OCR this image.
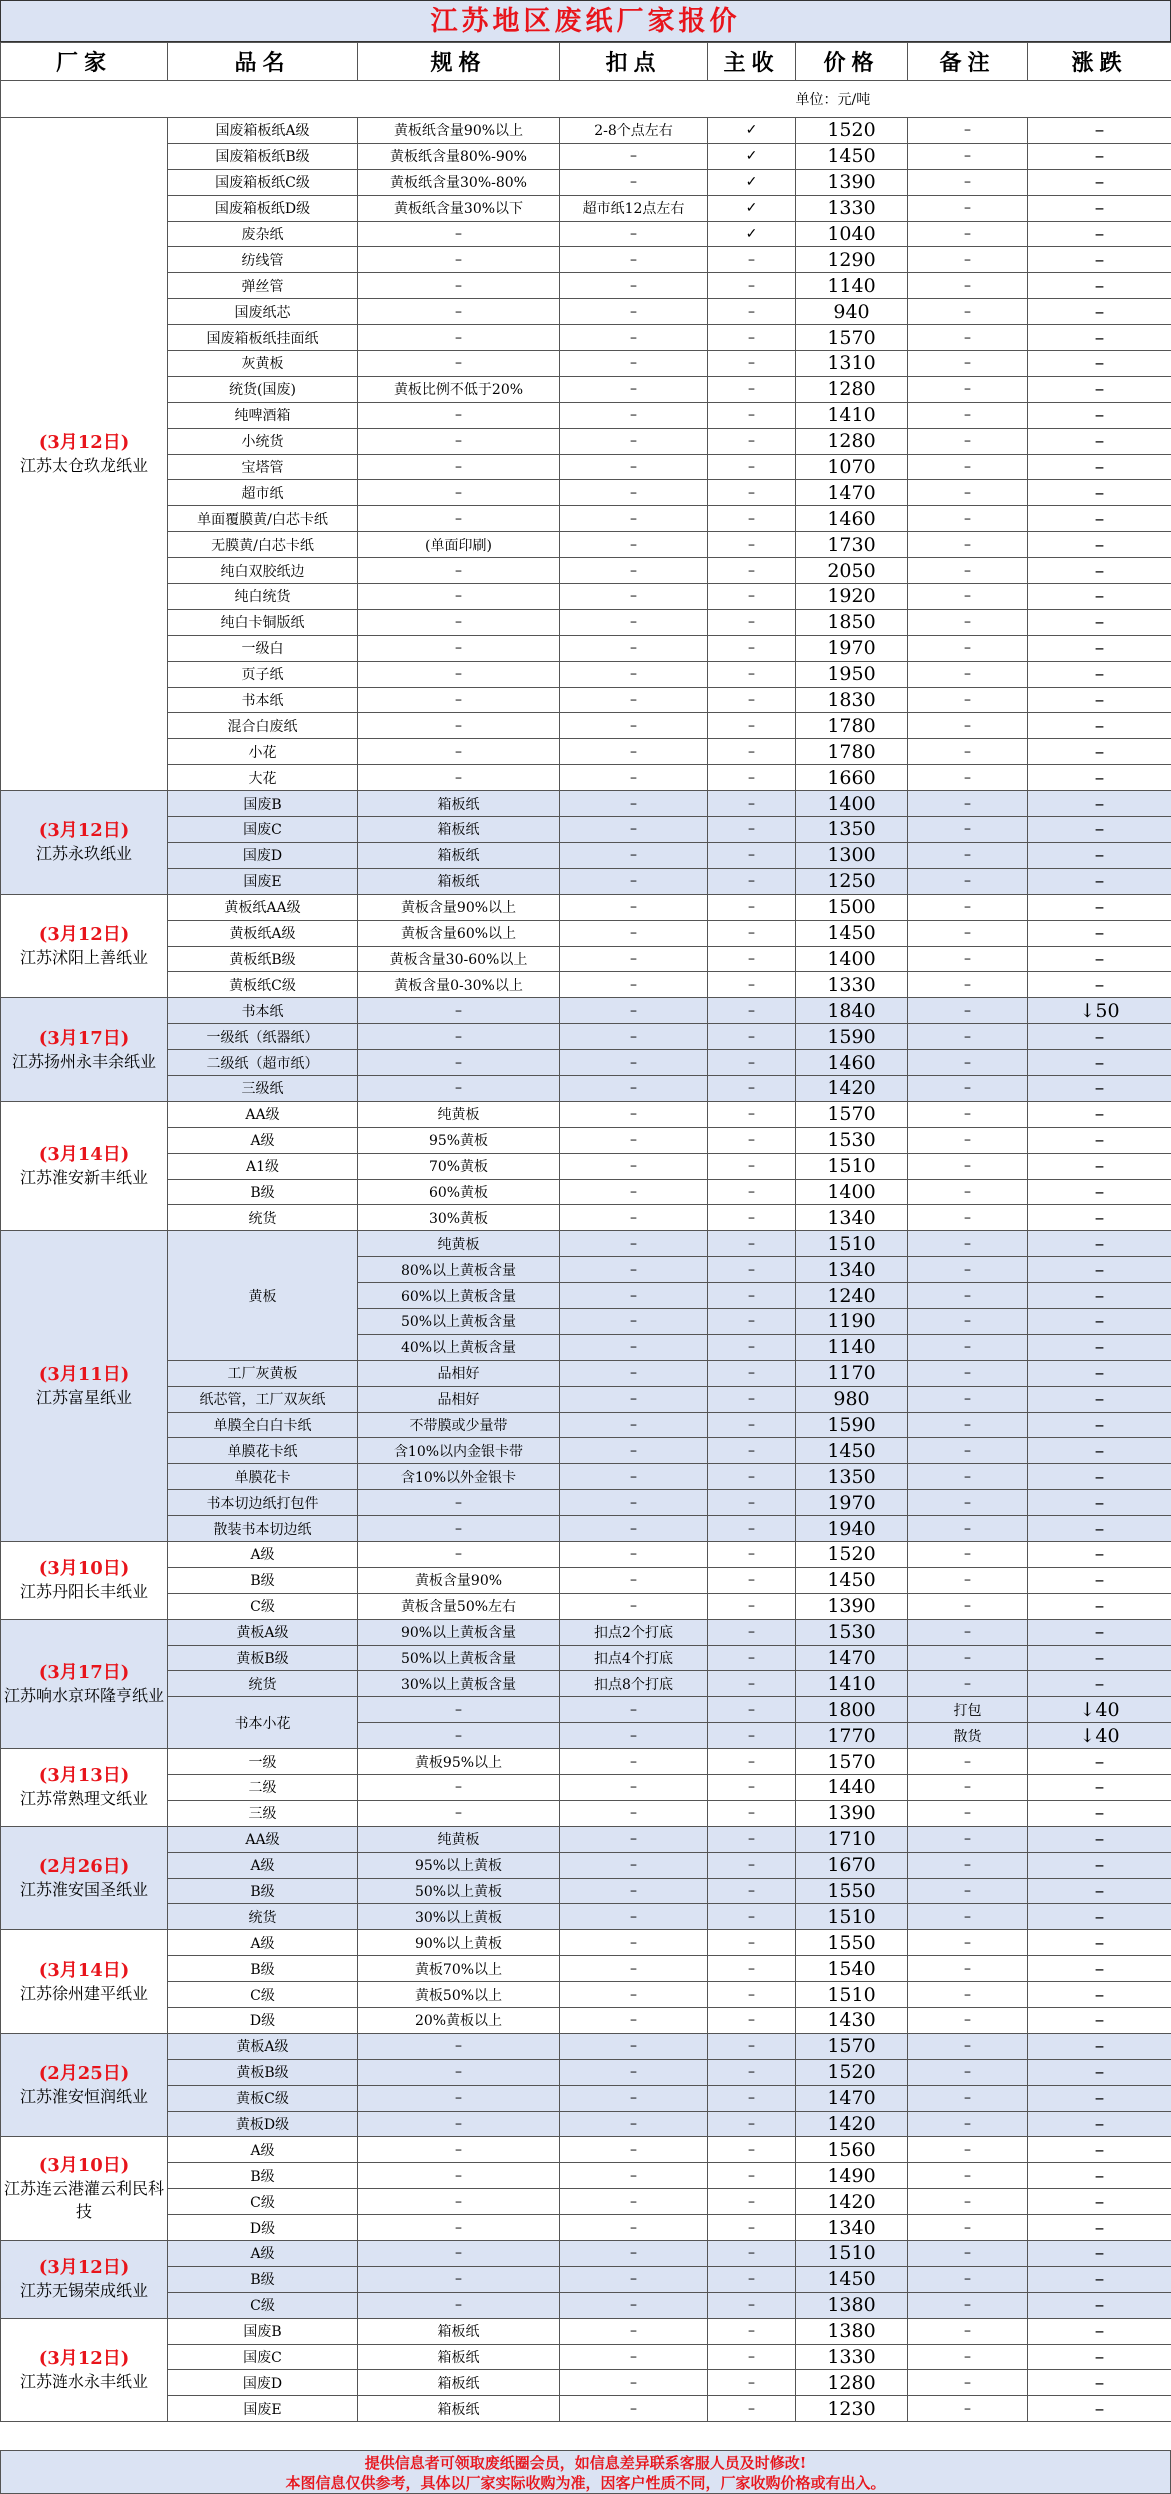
江苏地区废纸厂家报价
厂家	品名	规格	扣点	主收	价格	备注	涨跌
					单位：元/吨		

(3月12日)
江苏太仓玖龙纸业	国废箱板纸A级	黄板纸含量90%以上	2-8个点左右	✓	1520	–	–
	国废箱板纸B级	黄板纸含量80%-90%	–	✓	1450	–	–
	国废箱板纸C级	黄板纸含量30%-80%	–	✓	1390	–	–
	国废箱板纸D级	黄板纸含量30%以下	超市纸12点左右	✓	1330	–	–
	废杂纸	–	–	✓	1040	–	–
	纺线管	–	–	–	1290	–	–
	弹丝管	–	–	–	1140	–	–
	国废纸芯	–	–	–	940	–	–
	国废箱板纸挂面纸	–	–	–	1570	–	–
	灰黄板	–	–	–	1310	–	–
	统货(国废)	黄板比例不低于20%	–	–	1280	–	–
	纯啤酒箱	–	–	–	1410	–	–
	小统货	–	–	–	1280	–	–
	宝塔管	–	–	–	1070	–	–
	超市纸	–	–	–	1470	–	–
	单面覆膜黄/白芯卡纸	–	–	–	1460	–	–
	无膜黄/白芯卡纸	(单面印刷)	–	–	1730	–	–
	纯白双胶纸边	–	–	–	2050	–	–
	纯白统货	–	–	–	1920	–	–
	纯白卡铜版纸	–	–	–	1850	–	–
	一级白	–	–	–	1970	–	–
	页子纸	–	–	–	1950	–	–
	书本纸	–	–	–	1830	–	–
	混合白废纸	–	–	–	1780	–	–
	小花	–	–	–	1780	–	–
	大花	–	–	–	1660	–	–

(3月12日)
江苏永玖纸业	国废B	箱板纸	–	–	1400	–	–
	国废C	箱板纸	–	–	1350	–	–
	国废D	箱板纸	–	–	1300	–	–
	国废E	箱板纸	–	–	1250	–	–

(3月12日)
江苏沭阳上善纸业	黄板纸AA级	黄板含量90%以上	–	–	1500	–	–
	黄板纸A级	黄板含量60%以上	–	–	1450	–	–
	黄板纸B级	黄板含量30-60%以上	–	–	1400	–	–
	黄板纸C级	黄板含量0-30%以上	–	–	1330	–	–

(3月17日)
江苏扬州永丰余纸业	书本纸	–	–	–	1840	–	↓50
	一级纸（纸器纸）	–	–	–	1590	–	–
	二级纸（超市纸）	–	–	–	1460	–	–
	三级纸	–	–	–	1420	–	–

(3月14日)
江苏淮安新丰纸业	AA级	纯黄板	–	–	1570	–	–
	A级	95%黄板	–	–	1530	–	–
	A1级	70%黄板	–	–	1510	–	–
	B级	60%黄板	–	–	1400	–	–
	统货	30%黄板	–	–	1340	–	–

(3月11日)
江苏富星纸业	黄板	纯黄板	–	–	1510	–	–
		80%以上黄板含量	–	–	1340	–	–
		60%以上黄板含量	–	–	1240	–	–
		50%以上黄板含量	–	–	1190	–	–
		40%以上黄板含量	–	–	1140	–	–
	工厂灰黄板	品相好	–	–	1170	–	–
	纸芯管，工厂双灰纸	品相好	–	–	980	–	–
	单膜全白白卡纸	不带膜或少量带	–	–	1590	–	–
	单膜花卡纸	含10%以内金银卡带	–	–	1450	–	–
	单膜花卡	含10%以外金银卡	–	–	1350	–	–
	书本切边纸打包件	–	–	–	1970	–	–
	散装书本切边纸	–	–	–	1940	–	–

(3月10日)
江苏丹阳长丰纸业	A级	–	–	–	1520	–	–
	B级	黄板含量90%	–	–	1450	–	–
	C级	黄板含量50%左右	–	–	1390	–	–

(3月17日)
江苏响水京环隆亨纸业	黄板A级	90%以上黄板含量	扣点2个打底	–	1530	–	–
	黄板B级	50%以上黄板含量	扣点4个打底	–	1470	–	–
	统货	30%以上黄板含量	扣点8个打底	–	1410	–	–
	书本小花	–	–	–	1800	打包	↓40
		–	–	–	1770	散货	↓40

(3月13日)
江苏常熟理文纸业	一级	黄板95%以上	–	–	1570	–	–
	二级	–	–	–	1440	–	–
	三级	–	–	–	1390	–	–

(2月26日)
江苏淮安国圣纸业	AA级	纯黄板	–	–	1710	–	–
	A级	95%以上黄板	–	–	1670	–	–
	B级	50%以上黄板	–	–	1550	–	–
	统货	30%以上黄板	–	–	1510	–	–

(3月14日)
江苏徐州建平纸业	A级	90%以上黄板	–	–	1550	–	–
	B级	黄板70%以上	–	–	1540	–	–
	C级	黄板50%以上	–	–	1510	–	–
	D级	20%黄板以上	–	–	1430	–	–

(2月25日)
江苏淮安恒润纸业	黄板A级	–	–	–	1570	–	–
	黄板B级	–	–	–	1520	–	–
	黄板C级	–	–	–	1470	–	–
	黄板D级	–	–	–	1420	–	–

(3月10日)
江苏连云港灌云利民科技	A级	–	–	–	1560	–	–
	B级	–	–	–	1490	–	–
	C级	–	–	–	1420	–	–
	D级	–	–	–	1340	–	–

(3月12日)
江苏无锡荣成纸业	A级	–	–	–	1510	–	–
	B级	–	–	–	1450	–	–
	C级	–	–	–	1380	–	–

(3月12日)
江苏涟水永丰纸业	国废B	箱板纸	–	–	1380	–	–
	国废C	箱板纸	–	–	1330	–	–
	国废D	箱板纸	–	–	1280	–	–
	国废E	箱板纸	–	–	1230	–	–
提供信息者可领取废纸圈会员，如信息差异联系客服人员及时修改!
本图信息仅供参考，具体以厂家实际收购为准，因客户性质不同，厂家收购价格或有出入。
